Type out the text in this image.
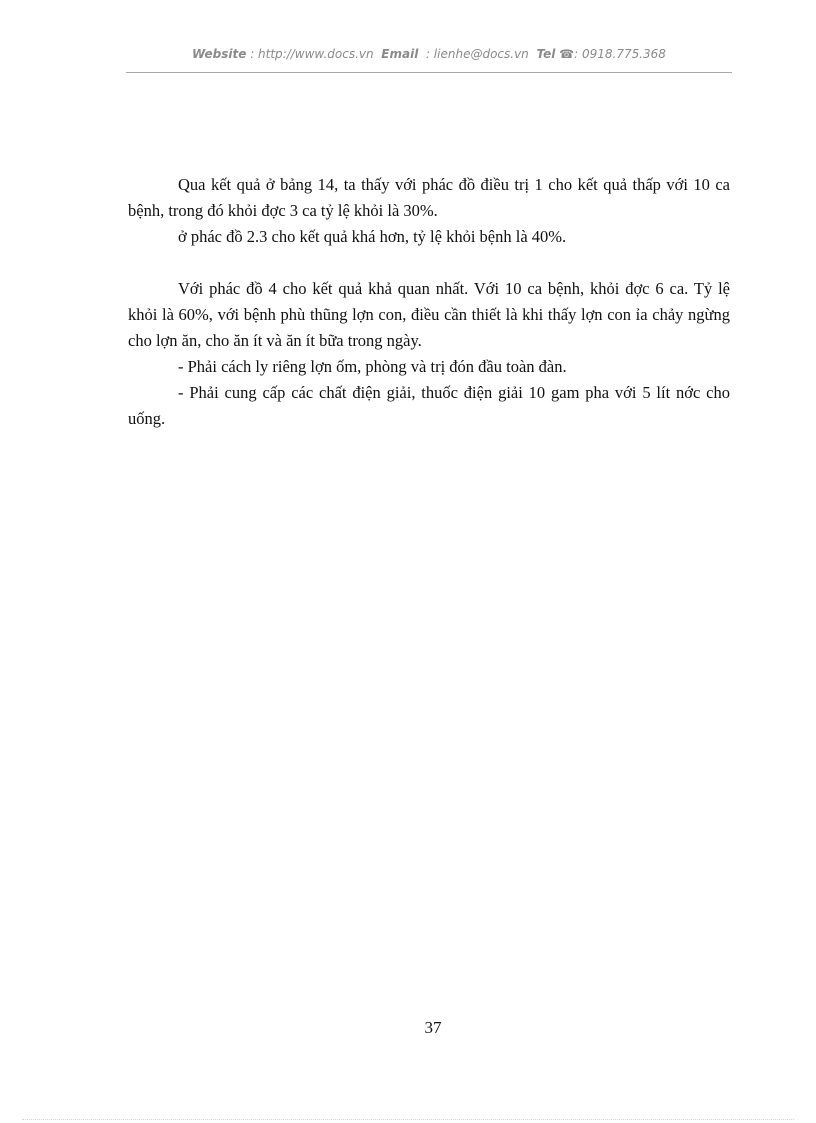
Website : http://www.docs.vn Email : lienhe@docs.vn Tel ☎: 0918.775.368

Qua kết quả ở bảng 14, ta thấy với phác đồ điều trị 1 cho kết quả thấp với 10 ca bệnh, trong đó khỏi đợc 3 ca tỷ lệ khỏi là 30%.

ở phác đồ 2.3 cho kết quả khá hơn, tỷ lệ khỏi bệnh là 40%.

Với phác đồ 4 cho kết quả khả quan nhất. Với 10 ca bệnh, khỏi đợc 6 ca. Tỷ lệ khỏi là 60%, với bệnh phù thũng lợn con, điều cần thiết là khi thấy lợn con ỉa chảy ngừng cho lợn ăn, cho ăn ít và ăn ít bữa trong ngày.

- Phải cách ly riêng lợn ốm, phòng và trị đón đầu toàn đàn.

- Phải cung cấp các chất điện giải, thuốc điện giải 10 gam pha với 5 lít nớc cho uống.

37
